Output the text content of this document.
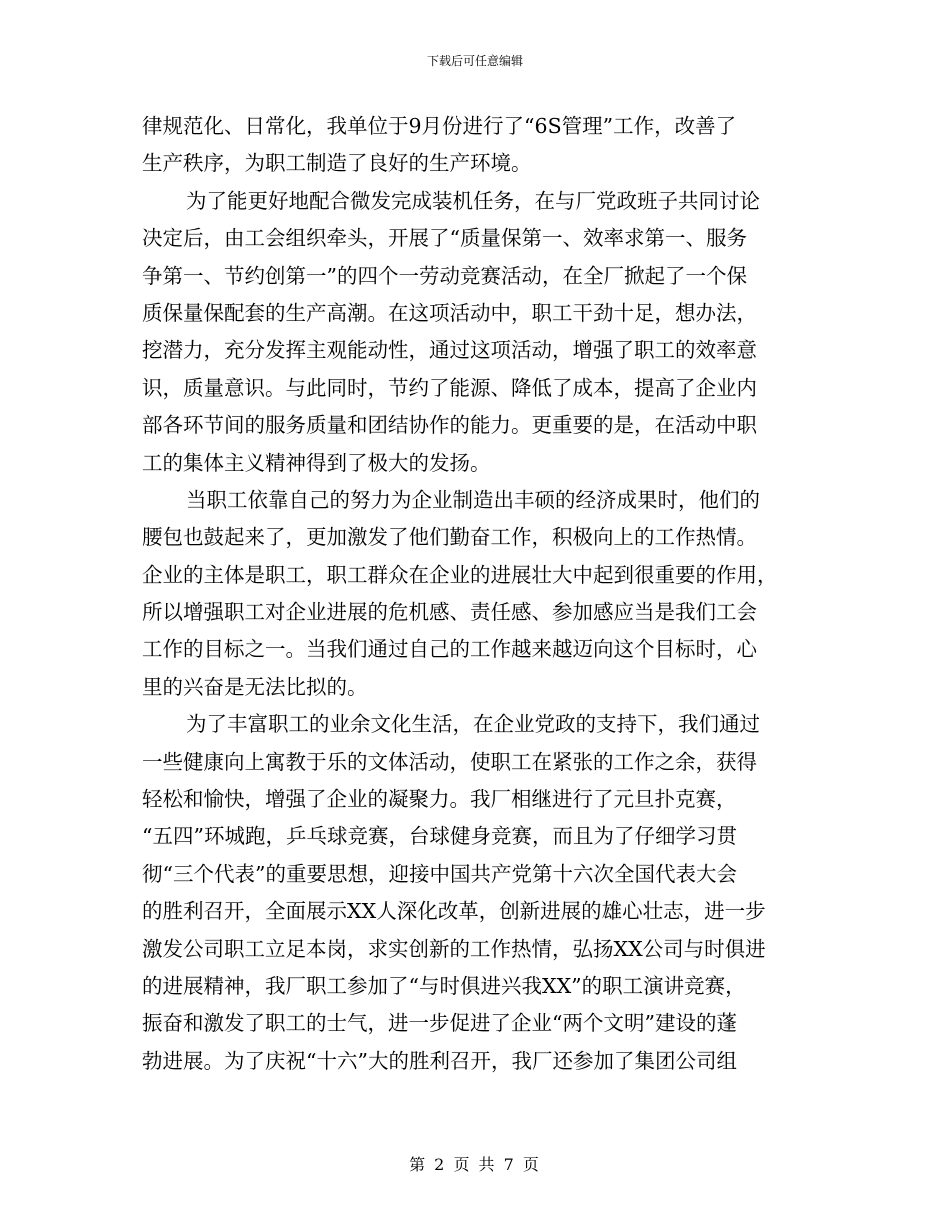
下载后可任意编辑
律规范化、日常化，我单位于9月份进行了“6S管理”工作，改善了
生产秩序，为职工制造了良好的生产环境。
为了能更好地配合微发完成装机任务，在与厂党政班子共同讨论
决定后，由工会组织牵头，开展了“质量保第一、效率求第一、服务
争第一、节约创第一”的四个一劳动竞赛活动，在全厂掀起了一个保
质保量保配套的生产高潮。在这项活动中，职工干劲十足，想办法，
挖潜力，充分发挥主观能动性，通过这项活动，增强了职工的效率意
识，质量意识。与此同时，节约了能源、降低了成本，提高了企业内
部各环节间的服务质量和团结协作的能力。更重要的是，在活动中职
工的集体主义精神得到了极大的发扬。
当职工依靠自己的努力为企业制造出丰硕的经济成果时，他们的
腰包也鼓起来了，更加激发了他们勤奋工作，积极向上的工作热情。
企业的主体是职工，职工群众在企业的进展壮大中起到很重要的作用，
所以增强职工对企业进展的危机感、责任感、参加感应当是我们工会
工作的目标之一。当我们通过自己的工作越来越迈向这个目标时，心
里的兴奋是无法比拟的。
为了丰富职工的业余文化生活，在企业党政的支持下，我们通过
一些健康向上寓教于乐的文体活动，使职工在紧张的工作之余，获得
轻松和愉快，增强了企业的凝聚力。我厂相继进行了元旦扑克赛，
“五四”环城跑，乒乓球竞赛，台球健身竞赛，而且为了仔细学习贯
彻“三个代表”的重要思想，迎接中国共产党第十六次全国代表大会
的胜利召开，全面展示XX人深化改革，创新进展的雄心壮志，进一步
激发公司职工立足本岗，求实创新的工作热情，弘扬XX公司与时俱进
的进展精神，我厂职工参加了“与时俱进兴我XX”的职工演讲竞赛，
振奋和激发了职工的士气，进一步促进了企业“两个文明”建设的蓬
勃进展。为了庆祝“十六”大的胜利召开，我厂还参加了集团公司组
第 2 页 共 7 页
